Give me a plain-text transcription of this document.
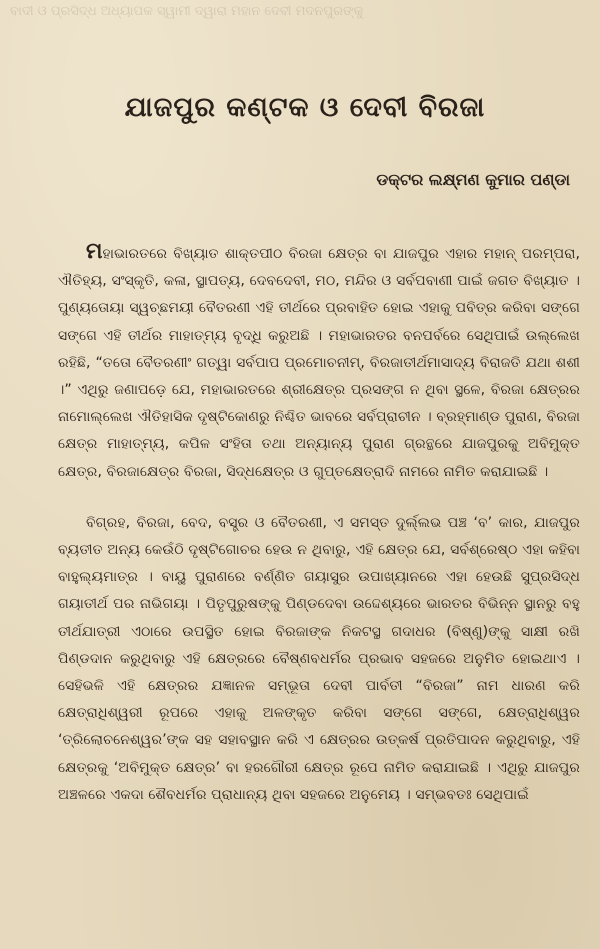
ବାଦୀ ଓ ପ୍ରସିଦ୍ଧ ଅଧ୍ୟାପକ ସ୍ୱାମୀ ଦ୍ୱାରା ମହାନ ଦେବୀ ମଦନପୁରଙ୍କୁ
ଯାଜପୁର କଣ୍ଟକ ଓ ଦେବୀ ବିରଜା
ଡକ୍ଟର ଲକ୍ଷ୍ମଣ କୁମାର ପଣ୍ଡା

ମହାଭାରତରେ ବିଖ୍ୟାତ ଶାକ୍ତପୀଠ ବିରଜା କ୍ଷେତ୍ର ବା ଯାଜପୁର ଏହାର ମହାନ୍ ପରମ୍ପରା, ଐତିହ୍ୟ, ସଂସ୍କୃତି, କଳା, ସ୍ଥାପତ୍ୟ, ଦେବଦେବୀ, ମଠ, ମନ୍ଦିର ଓ ସର୍ବପବାଣୀ ପାଇଁ ଜଗତ ବିଖ୍ୟାତ । ପୁଣ୍ୟତୋୟା ସ୍ୱଚ୍ଛମୟୀ ବୈତରଣୀ ଏହି ତୀର୍ଥରେ ପ୍ରବାହିତ ହୋଇ ଏହାକୁ ପବିତ୍ର କରିବା ସଙ୍ଗେ ସଙ୍ଗେ ଏହି ତୀର୍ଥର ମାହାତ୍ମ୍ୟ ବୃଦ୍ଧି କରୁଅଛି । ମହାଭାରତର ବନପର୍ବରେ ସେଥିପାଇଁ ଉଲ୍ଲେଖ ରହିଛି, “ତତୋ ବୈତରଣୀଂ ଗତ୍ୱା ସର୍ବପାପ ପ୍ରମୋଚନୀମ୍, ବିରଜାତୀର୍ଥମାସାଦ୍ୟ ବିରାଜତି ଯଥା ଶଶୀ ।” ଏଥିରୁ ଜଣାପଡ଼େ ଯେ, ମହାଭାରତରେ ଶ୍ରୀକ୍ଷେତ୍ର ପ୍ରସଙ୍ଗ ନ ଥିବା ସ୍ଥଳେ, ବିରଜା କ୍ଷେତ୍ରର ନାମୋଲ୍ଲେଖ ଐତିହାସିକ ଦୃଷ୍ଟିକୋଣରୁ ନିଶ୍ଚିତ ଭାବରେ ସର୍ବପ୍ରାଚୀନ । ବ୍ରହ୍ମାଣ୍ଡ ପୁରାଣ, ବିରଜା କ୍ଷେତ୍ର ମାହାତ୍ମ୍ୟ, କପିଳ ସଂହିତା ତଥା ଅନ୍ୟାନ୍ୟ ପୁରାଣ ଗ୍ରନ୍ଥରେ ଯାଜପୁରକୁ ଅବିମୁକ୍ତ କ୍ଷେତ୍ର, ବିରଜାକ୍ଷେତ୍ର ବିରଜା, ସିଦ୍ଧକ୍ଷେତ୍ର ଓ ଗୁପ୍ତକ୍ଷେତ୍ରାଦି ନାମରେ ନାମିତ କରାଯାଇଛି ।

ବିଗ୍ରହ, ବିରଜା, ବେଦ, ବସ୍ତ୍ର ଓ ବୈତରଣୀ, ଏ ସମସ୍ତ ଦୁର୍ଲ୍ଲଭ ପଞ୍ଚ ‘ବ’ କାର, ଯାଜପୁର ବ୍ୟତୀତ ଅନ୍ୟ କେଉଁଠି ଦୃଷ୍ଟିଗୋଚର ହେଉ ନ ଥିବାରୁ, ଏହି କ୍ଷେତ୍ର ଯେ, ସର୍ବଶ୍ରେଷ୍ଠ ଏହା କହିବା ବାହୁଲ୍ୟମାତ୍ର । ବାୟୁ ପୁରାଣରେ ବର୍ଣ୍ଣିତ ଗୟାସୁର ଉପାଖ୍ୟାନରେ ଏହା ହେଉଛି ସୁପ୍ରସିଦ୍ଧ ଗୟାତୀର୍ଥ ପର ନାଭିଗୟା । ପିତୃପୁରୁଷଙ୍କୁ ପିଣ୍ଡଦେବା ଉଦ୍ଦେଶ୍ୟରେ ଭାରତର ବିଭିନ୍ନ ସ୍ଥାନରୁ ବହୁ ତୀର୍ଥଯାତ୍ରୀ ଏଠାରେ ଉପସ୍ଥିତ ହୋଇ ବିରଜାଙ୍କ ନିକଟସ୍ଥ ଗଦାଧର (ବିଷ୍ଣୁ)ଙ୍କୁ ସାକ୍ଷୀ ରଖି ପିଣ୍ଡଦାନ କରୁଥିବାରୁ ଏହି କ୍ଷେତ୍ରରେ ବୈଷ୍ଣବଧର୍ମର ପ୍ରଭାବ ସହଜରେ ଅନୁମିତ ହୋଇଥାଏ । ସେହିଭଳି ଏହି କ୍ଷେତ୍ରର ଯଜ୍ଞାନଳ ସମ୍ଭୂତା ଦେବୀ ପାର୍ବତୀ “ବିରଜା” ନାମ ଧାରଣ କରି କ୍ଷେତ୍ରାଧିଶ୍ୱରୀ ରୂପରେ ଏହାକୁ ଅଳଙ୍କୃତ କରିବା ସଙ୍ଗେ ସଙ୍ଗେ, କ୍ଷେତ୍ରାଧିଶ୍ୱର ‘ତ୍ରିଲୋଚନେଶ୍ୱର’ଙ୍କ ସହ ସହାବସ୍ଥାନ କରି ଏ କ୍ଷେତ୍ରର ଉତ୍କର୍ଷ ପ୍ରତିପାଦନ କରୁଥିବାରୁ, ଏହି କ୍ଷେତ୍ରକୁ ‘ଅବିମୁକ୍ତ କ୍ଷେତ୍ର’ ବା ହରଗୌରୀ କ୍ଷେତ୍ର ରୂପେ ନାମିତ କରାଯାଇଛି । ଏଥିରୁ ଯାଜପୁର ଅଞ୍ଚଳରେ ଏକଦା ଶୈବଧର୍ମର ପ୍ରାଧାନ୍ୟ ଥିବା ସହଜରେ ଅନୁମେୟ । ସମ୍ଭବତଃ ସେଥିପାଇଁ
